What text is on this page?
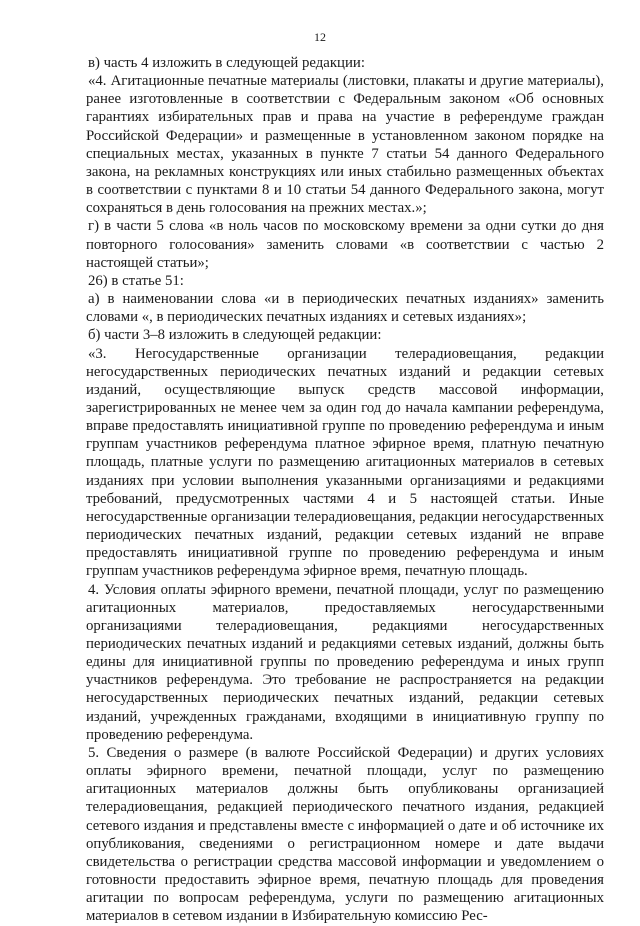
12

в) часть 4 изложить в следующей редакции:

«4. Агитационные печатные материалы (листовки, плакаты и другие материалы), ранее изготовленные в соответствии с Федеральным законом «Об основных гарантиях избирательных прав и права на участие в референдуме граждан Российской Федерации» и размещенные в установленном законом порядке на специальных местах, указанных в пункте 7 статьи 54 данного Федерального закона, на рекламных конструкциях или иных стабильно размещенных объектах в соответствии с пунктами 8 и 10 статьи 54 данного Федерального закона, могут сохраняться в день голосования на прежних местах.»;

г) в части 5 слова «в ноль часов по московскому времени за одни сутки до дня повторного голосования» заменить словами «в соответствии с частью 2 настоящей статьи»;

26) в статье 51:

а) в наименовании слова «и в периодических печатных изданиях» заменить словами «, в периодических печатных изданиях и сетевых изданиях»;

б) части 3–8 изложить в следующей редакции:

«3. Негосударственные организации телерадиовещания, редакции негосударственных периодических печатных изданий и редакции сетевых изданий, осуществляющие выпуск средств массовой информации, зарегистрированных не менее чем за один год до начала кампании референдума, вправе предоставлять инициативной группе по проведению референдума и иным группам участников референдума платное эфирное время, платную печатную площадь, платные услуги по размещению агитационных материалов в сетевых изданиях при условии выполнения указанными организациями и редакциями требований, предусмотренных частями 4 и 5 настоящей статьи. Иные негосударственные организации телерадиовещания, редакции негосударственных периодических печатных изданий, редакции сетевых изданий не вправе предоставлять инициативной группе по проведению референдума и иным группам участников референдума эфирное время, печатную площадь.

4. Условия оплаты эфирного времени, печатной площади, услуг по размещению агитационных материалов, предоставляемых негосударственными организациями телерадиовещания, редакциями негосударственных периодических печатных изданий и редакциями сетевых изданий, должны быть едины для инициативной группы по проведению референдума и иных групп участников референдума. Это требование не распространяется на редакции негосударственных периодических печатных изданий, редакции сетевых изданий, учрежденных гражданами, входящими в инициативную группу по проведению референдума.

5. Сведения о размере (в валюте Российской Федерации) и других условиях оплаты эфирного времени, печатной площади, услуг по размещению агитационных материалов должны быть опубликованы организацией телерадиовещания, редакцией периодического печатного издания, редакцией сетевого издания и представлены вместе с информацией о дате и об источнике их опубликования, сведениями о регистрационном номере и дате выдачи свидетельства о регистрации средства массовой информации и уведомлением о готовности предоставить эфирное время, печатную площадь для проведения агитации по вопросам референдума, услуги по размещению агитационных материалов в сетевом издании в Избирательную комиссию Рес-
